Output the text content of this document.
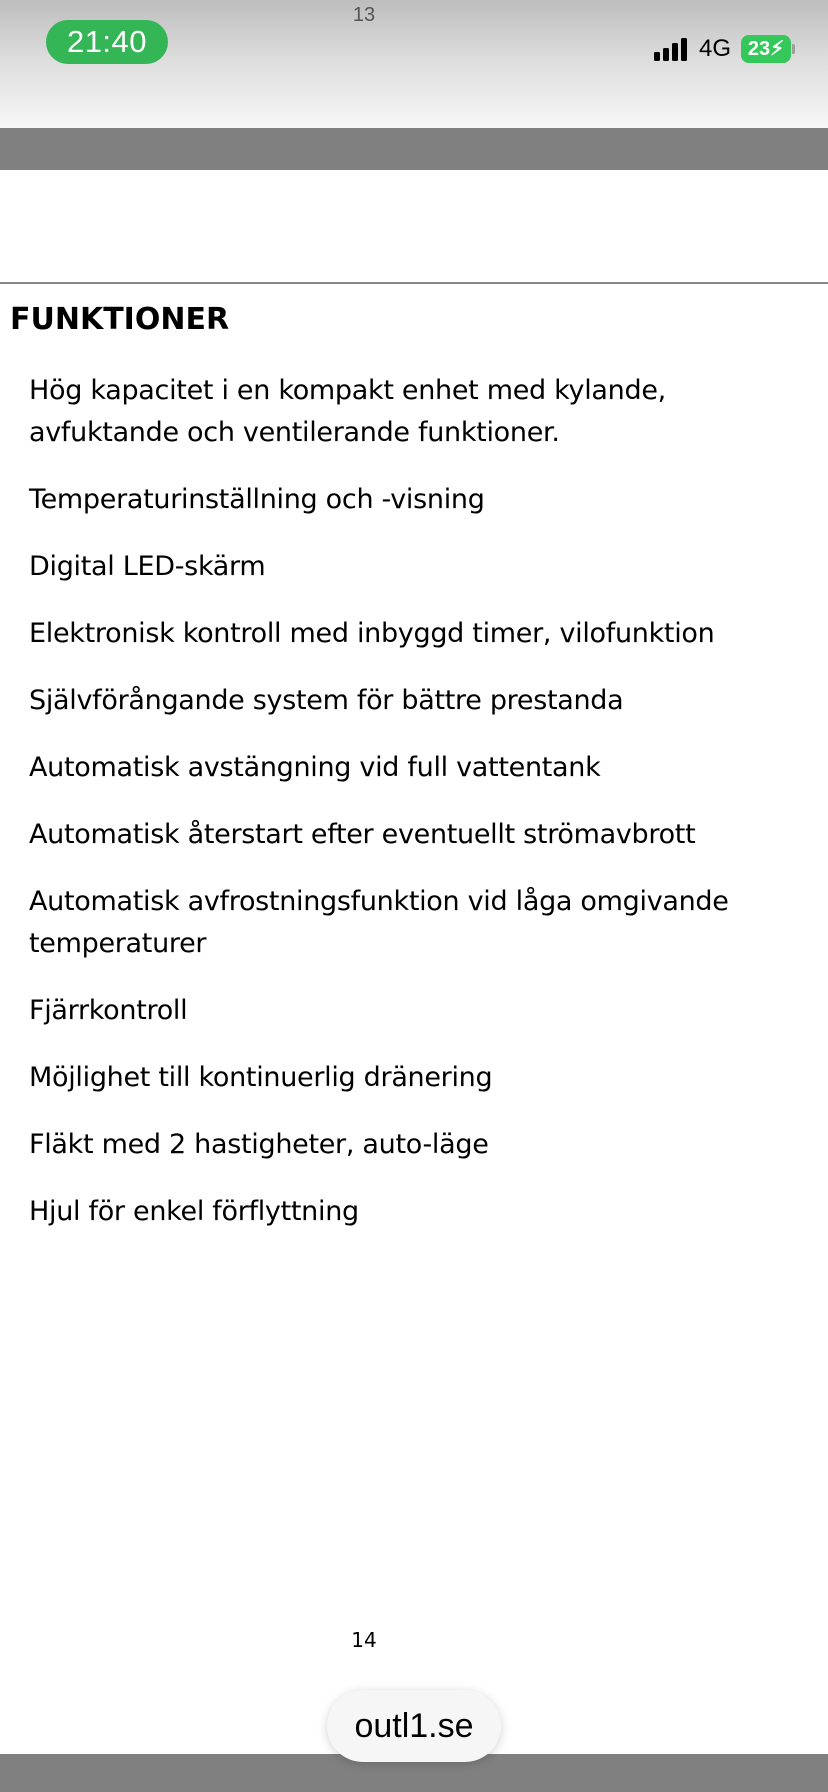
21:40
13
4G 23⚡︎
FUNKTIONER
Hög kapacitet i en kompakt enhet med kylande, avfuktande och ventilerande funktioner.
Temperaturinställning och -visning
Digital LED-skärm
Elektronisk kontroll med inbyggd timer, vilofunktion
Självförångande system för bättre prestanda
Automatisk avstängning vid full vattentank
Automatisk återstart efter eventuellt strömavbrott
Automatisk avfrostningsfunktion vid låga omgivande temperaturer
Fjärrkontroll
Möjlighet till kontinuerlig dränering
Fläkt med 2 hastigheter, auto-läge
Hjul för enkel förflyttning
14
outl1.se
